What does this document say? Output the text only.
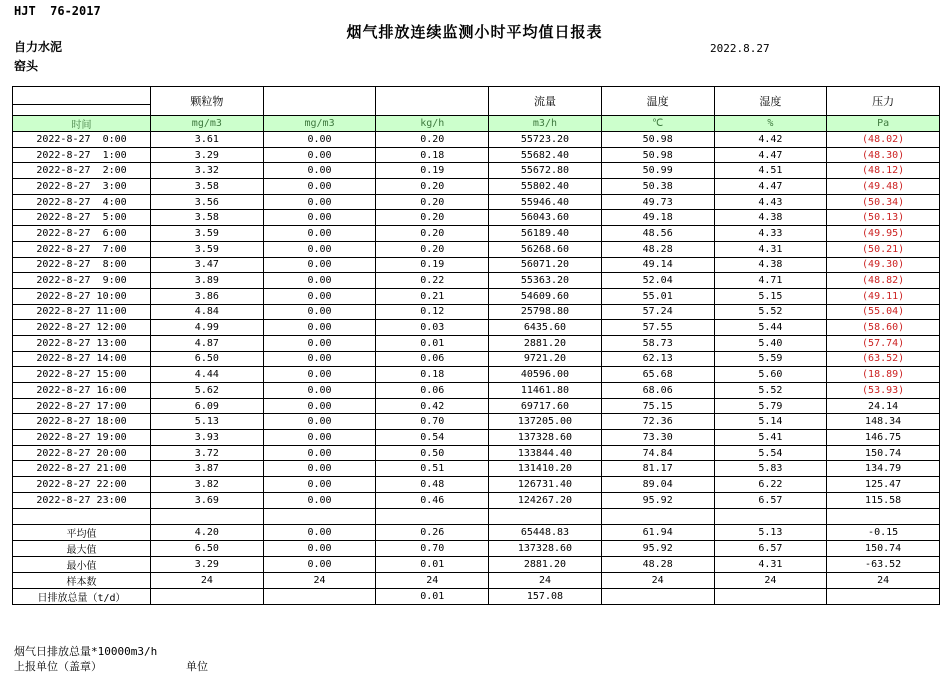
HJT  76-2017
烟气排放连续监测小时平均值日报表
自力水泥
窑头
2022.8.27
	颗粒物			流量	温度	湿度	压力

时间	mg/m3	mg/m3	kg/h	m3/h	℃	%	Pa
2022-8-27  0:00	3.61	0.00	0.20	55723.20	50.98	4.42	(48.02)
2022-8-27  1:00	3.29	0.00	0.18	55682.40	50.98	4.47	(48.30)
2022-8-27  2:00	3.32	0.00	0.19	55672.80	50.99	4.51	(48.12)
2022-8-27  3:00	3.58	0.00	0.20	55802.40	50.38	4.47	(49.48)
2022-8-27  4:00	3.56	0.00	0.20	55946.40	49.73	4.43	(50.34)
2022-8-27  5:00	3.58	0.00	0.20	56043.60	49.18	4.38	(50.13)
2022-8-27  6:00	3.59	0.00	0.20	56189.40	48.56	4.33	(49.95)
2022-8-27  7:00	3.59	0.00	0.20	56268.60	48.28	4.31	(50.21)
2022-8-27  8:00	3.47	0.00	0.19	56071.20	49.14	4.38	(49.30)
2022-8-27  9:00	3.89	0.00	0.22	55363.20	52.04	4.71	(48.82)
2022-8-27 10:00	3.86	0.00	0.21	54609.60	55.01	5.15	(49.11)
2022-8-27 11:00	4.84	0.00	0.12	25798.80	57.24	5.52	(55.04)
2022-8-27 12:00	4.99	0.00	0.03	6435.60	57.55	5.44	(58.60)
2022-8-27 13:00	4.87	0.00	0.01	2881.20	58.73	5.40	(57.74)
2022-8-27 14:00	6.50	0.00	0.06	9721.20	62.13	5.59	(63.52)
2022-8-27 15:00	4.44	0.00	0.18	40596.00	65.68	5.60	(18.89)
2022-8-27 16:00	5.62	0.00	0.06	11461.80	68.06	5.52	(53.93)
2022-8-27 17:00	6.09	0.00	0.42	69717.60	75.15	5.79	24.14
2022-8-27 18:00	5.13	0.00	0.70	137205.00	72.36	5.14	148.34
2022-8-27 19:00	3.93	0.00	0.54	137328.60	73.30	5.41	146.75
2022-8-27 20:00	3.72	0.00	0.50	133844.40	74.84	5.54	150.74
2022-8-27 21:00	3.87	0.00	0.51	131410.20	81.17	5.83	134.79
2022-8-27 22:00	3.82	0.00	0.48	126731.40	89.04	6.22	125.47
2022-8-27 23:00	3.69	0.00	0.46	124267.20	95.92	6.57	115.58

平均值	4.20	0.00	0.26	65448.83	61.94	5.13	-0.15
最大值	6.50	0.00	0.70	137328.60	95.92	6.57	150.74
最小值	3.29	0.00	0.01	2881.20	48.28	4.31	-63.52
样本数	24	24	24	24	24	24	24
日排放总量（t/d）			0.01	157.08			
烟气日排放总量*10000m3/h
上报单位（盖章）	单位
